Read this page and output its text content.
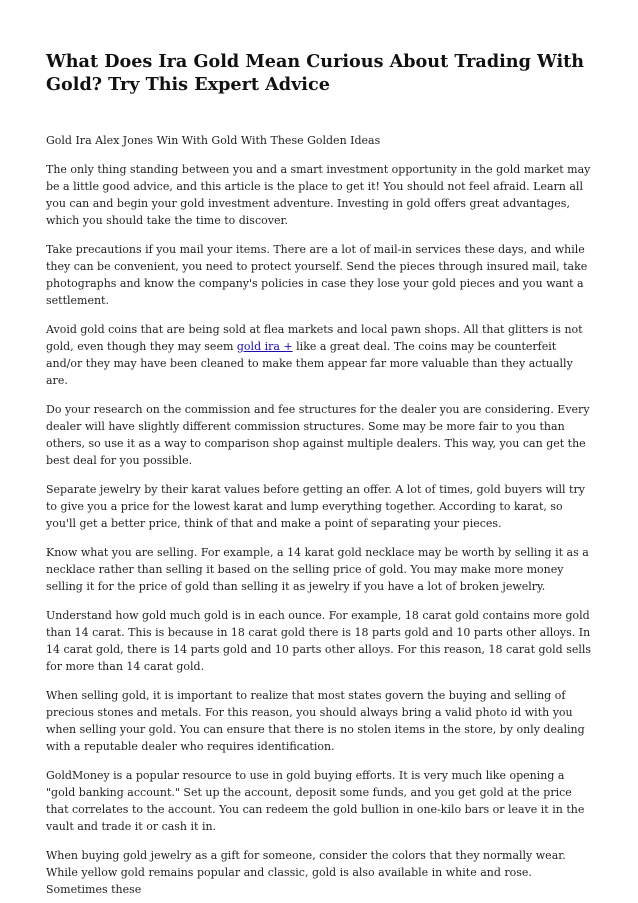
What Does Ira Gold Mean Curious About Trading With Gold? Try This Expert Advice

Gold Ira Alex Jones Win With Gold With These Golden Ideas

The only thing standing between you and a smart investment opportunity in the gold market may be a little good advice, and this article is the place to get it! You should not feel afraid. Learn all you can and begin your gold investment adventure. Investing in gold offers great advantages, which you should take the time to discover.

Take precautions if you mail your items. There are a lot of mail-in services these days, and while they can be convenient, you need to protect yourself. Send the pieces through insured mail, take photographs and know the company's policies in case they lose your gold pieces and you want a settlement.

Avoid gold coins that are being sold at flea markets and local pawn shops. All that glitters is not gold, even though they may seem gold ira + like a great deal. The coins may be counterfeit and/or they may have been cleaned to make them appear far more valuable than they actually are.

Do your research on the commission and fee structures for the dealer you are considering. Every dealer will have slightly different commission structures. Some may be more fair to you than others, so use it as a way to comparison shop against multiple dealers. This way, you can get the best deal for you possible.

Separate jewelry by their karat values before getting an offer. A lot of times, gold buyers will try to give you a price for the lowest karat and lump everything together. According to karat, so you'll get a better price, think of that and make a point of separating your pieces.

Know what you are selling. For example, a 14 karat gold necklace may be worth by selling it as a necklace rather than selling it based on the selling price of gold. You may make more money selling it for the price of gold than selling it as jewelry if you have a lot of broken jewelry.

Understand how gold much gold is in each ounce. For example, 18 carat gold contains more gold than 14 carat. This is because in 18 carat gold there is 18 parts gold and 10 parts other alloys. In 14 carat gold, there is 14 parts gold and 10 parts other alloys. For this reason, 18 carat gold sells for more than 14 carat gold.

When selling gold, it is important to realize that most states govern the buying and selling of precious stones and metals. For this reason, you should always bring a valid photo id with you when selling your gold. You can ensure that there is no stolen items in the store, by only dealing with a reputable dealer who requires identification.

GoldMoney is a popular resource to use in gold buying efforts. It is very much like opening a "gold banking account." Set up the account, deposit some funds, and you get gold at the price that correlates to the account. You can redeem the gold bullion in one-kilo bars or leave it in the vault and trade it or cash it in.

When buying gold jewelry as a gift for someone, consider the colors that they normally wear. While yellow gold remains popular and classic, gold is also available in white and rose. Sometimes these
